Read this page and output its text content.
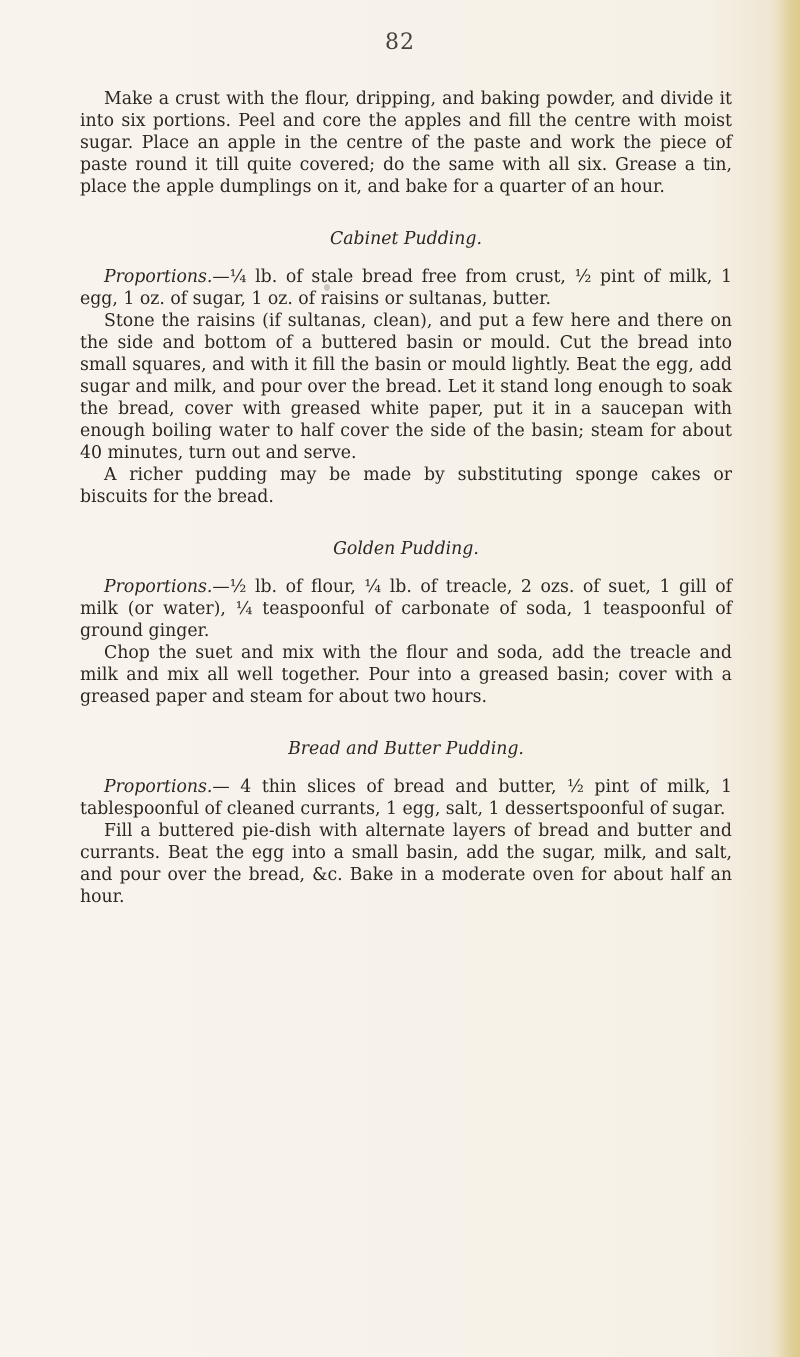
82

Make a crust with the flour, dripping, and baking powder, and divide it into six portions. Peel and core the apples and fill the centre with moist sugar. Place an apple in the centre of the paste and work the piece of paste round it till quite covered; do the same with all six. Grease a tin, place the apple dumplings on it, and bake for a quarter of an hour.

Cabinet Pudding.

Proportions.—¼ lb. of stale bread free from crust, ½ pint of milk, 1 egg, 1 oz. of sugar, 1 oz. of raisins or sultanas, butter.

Stone the raisins (if sultanas, clean), and put a few here and there on the side and bottom of a buttered basin or mould. Cut the bread into small squares, and with it fill the basin or mould lightly. Beat the egg, add sugar and milk, and pour over the bread. Let it stand long enough to soak the bread, cover with greased white paper, put it in a saucepan with enough boiling water to half cover the side of the basin; steam for about 40 minutes, turn out and serve.

A richer pudding may be made by substituting sponge cakes or biscuits for the bread.

Golden Pudding.

Proportions.—½ lb. of flour, ¼ lb. of treacle, 2 ozs. of suet, 1 gill of milk (or water), ¼ teaspoonful of carbonate of soda, 1 teaspoonful of ground ginger.

Chop the suet and mix with the flour and soda, add the treacle and milk and mix all well together. Pour into a greased basin; cover with a greased paper and steam for about two hours.

Bread and Butter Pudding.

Proportions.— 4 thin slices of bread and butter, ½ pint of milk, 1 tablespoonful of cleaned currants, 1 egg, salt, 1 dessertspoonful of sugar.

Fill a buttered pie-dish with alternate layers of bread and butter and currants. Beat the egg into a small basin, add the sugar, milk, and salt, and pour over the bread, &c. Bake in a moderate oven for about half an hour.
